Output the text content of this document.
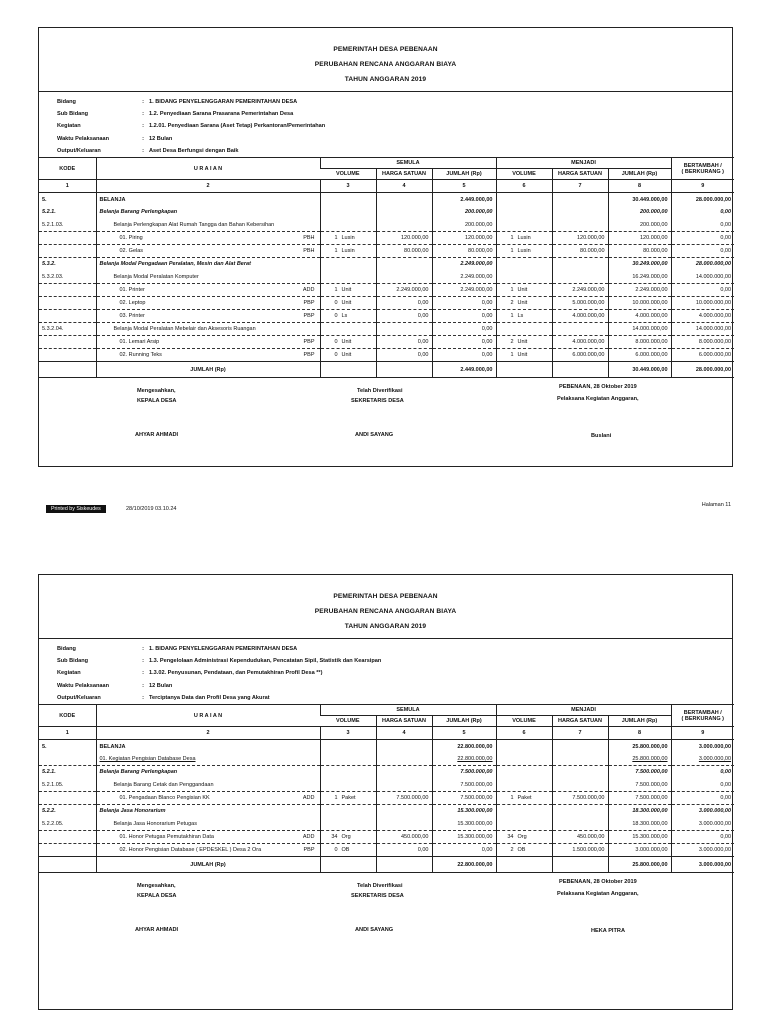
PEMERINTAH DESA PEBENAAN
PERUBAHAN RENCANA ANGGARAN BIAYA
TAHUN ANGGARAN 2019
Bidang	: 1. BIDANG PENYELENGGARAN PEMERINTAHAN DESA
Sub Bidang	: 1.2. Penyediaan Sarana Prasarana Pemerintahan Desa
Kegiatan	: 1.2.01. Penyediaan Sarana (Aset Tetap) Perkantoran/Pemerintahan
Waktu Pelaksanaan	: 12 Bulan
Output/Keluaran	: Aset Desa Berfungsi dengan Baik
KODE	U R A I A N	SEMULA			MENJADI			BERTAMBAH /
( BERKURANG )
		VOLUME	HARGA SATUAN	JUMLAH (Rp)	VOLUME	HARGA SATUAN	JUMLAH (Rp)	
1	2	3	4	5	6	7	8	9
5.	BELANJA			2.449.000,00			30.449.000,00	28.000.000,00
5.2.1.	Belanja Barang Perlengkapan			200.000,00			200.000,00	0,00
5.2.1.03.	Belanja Perlengkapan Alat Rumah Tangga dan Bahan Kebersihan			200.000,00			200.000,00	0,00

	01. Piring PBH	1 Lusin	120.000,00	120.000,00	1 Lusin	120.000,00	120.000,00	0,00

	02. Gelas PBH	1 Lusin	80.000,00	80.000,00	1 Lusin	80.000,00	80.000,00	0,00
5.3.2.	Belanja Modal Pengadaan Peralatan, Mesin dan Alat Berat			2.249.000,00			30.249.000,00	28.000.000,00
5.3.2.03.	Belanja Modal Peralatan Komputer			2.249.000,00			16.249.000,00	14.000.000,00

	01. Printer ADD	1 Unit	2.249.000,00	2.249.000,00	1 Unit	2.249.000,00	2.249.000,00	0,00

	02. Leptop PBP	0 Unit	0,00	0,00	2 Unit	5.000.000,00	10.000.000,00	10.000.000,00

	03. Printer PBP	0 Ls	0,00	0,00	1 Ls	4.000.000,00	4.000.000,00	4.000.000,00
5.3.2.04.	Belanja Modal Peralatan Mebelair dan Aksesoris Ruangan			0,00			14.000.000,00	14.000.000,00

	01. Lemari Arsip PBP	0 Unit	0,00	0,00	2 Unit	4.000.000,00	8.000.000,00	8.000.000,00

	02. Running Teks PBP	0 Unit	0,00	0,00	1 Unit	6.000.000,00	6.000.000,00	6.000.000,00
	JUMLAH (Rp)			2.449.000,00			30.449.000,00	28.000.000,00
Mengesahkan,
KEPALA DESA
AHYAR AHMADI
Telah Diverifikasi
SEKRETARIS DESA
ANDI SAYANG
PEBENAAN, 28 Oktober 2019
Pelaksana Kegiatan Anggaran,
Buslani
Printed by Siskeudes	28/10/2019 03.10.24
Halaman 11
PEMERINTAH DESA PEBENAAN
PERUBAHAN RENCANA ANGGARAN BIAYA
TAHUN ANGGARAN 2019
Bidang	: 1. BIDANG PENYELENGGARAN PEMERINTAHAN DESA
Sub Bidang	: 1.3. Pengelolaan Administrasi Kependudukan, Pencatatan Sipil, Statistik dan Kearsipan
Kegiatan	: 1.3.02. Penyusunan, Pendataan, dan Pemutakhiran Profil Desa **)
Waktu Pelaksanaan	: 12 Bulan
Output/Keluaran	: Terciptanya Data dan Profil Desa yang Akurat
KODE	U R A I A N	SEMULA			MENJADI			BERTAMBAH /
( BERKURANG )
		VOLUME	HARGA SATUAN	JUMLAH (Rp)	VOLUME	HARGA SATUAN	JUMLAH (Rp)	
1	2	3	4	5	6	7	8	9
5.	BELANJA			22.800.000,00			25.800.000,00	3.000.000,00

	01. Kegiatan Pengisian Database Desa			22.800.000,00			25.800.000,00	3.000.000,00
5.2.1.	Belanja Barang Perlengkapan			7.500.000,00			7.500.000,00	0,00
5.2.1.05.	Belanja Barang Cetak dan Penggandaan			7.500.000,00			7.500.000,00	0,00

	01. Pengadaan Blanco Pengisian KK ADD	1 Paket	7.500.000,00	7.500.000,00	1 Paket	7.500.000,00	7.500.000,00	0,00
5.2.2.	Belanja Jasa Honorarium			15.300.000,00			18.300.000,00	3.000.000,00
5.2.2.05.	Belanja Jasa Honorarium Petugas			15.300.000,00			18.300.000,00	3.000.000,00

	01. Honor Petugas Pemutakhiran Data ADD	34 Org	450.000,00	15.300.000,00	34 Org	450.000,00	15.300.000,00	0,00

	02. Honor Pengisian Database ( EPDESKEL ) Desa 2 Ora PBP	0 OB	0,00	0,00	2 OB	1.500.000,00	3.000.000,00	3.000.000,00
	JUMLAH (Rp)			22.800.000,00			25.800.000,00	3.000.000,00
Mengesahkan,
KEPALA DESA
AHYAR AHMADI
Telah Diverifikasi
SEKRETARIS DESA
ANDI SAYANG
PEBENAAN, 28 Oktober 2019
Pelaksana Kegiatan Anggaran,
HEKA PITRA
